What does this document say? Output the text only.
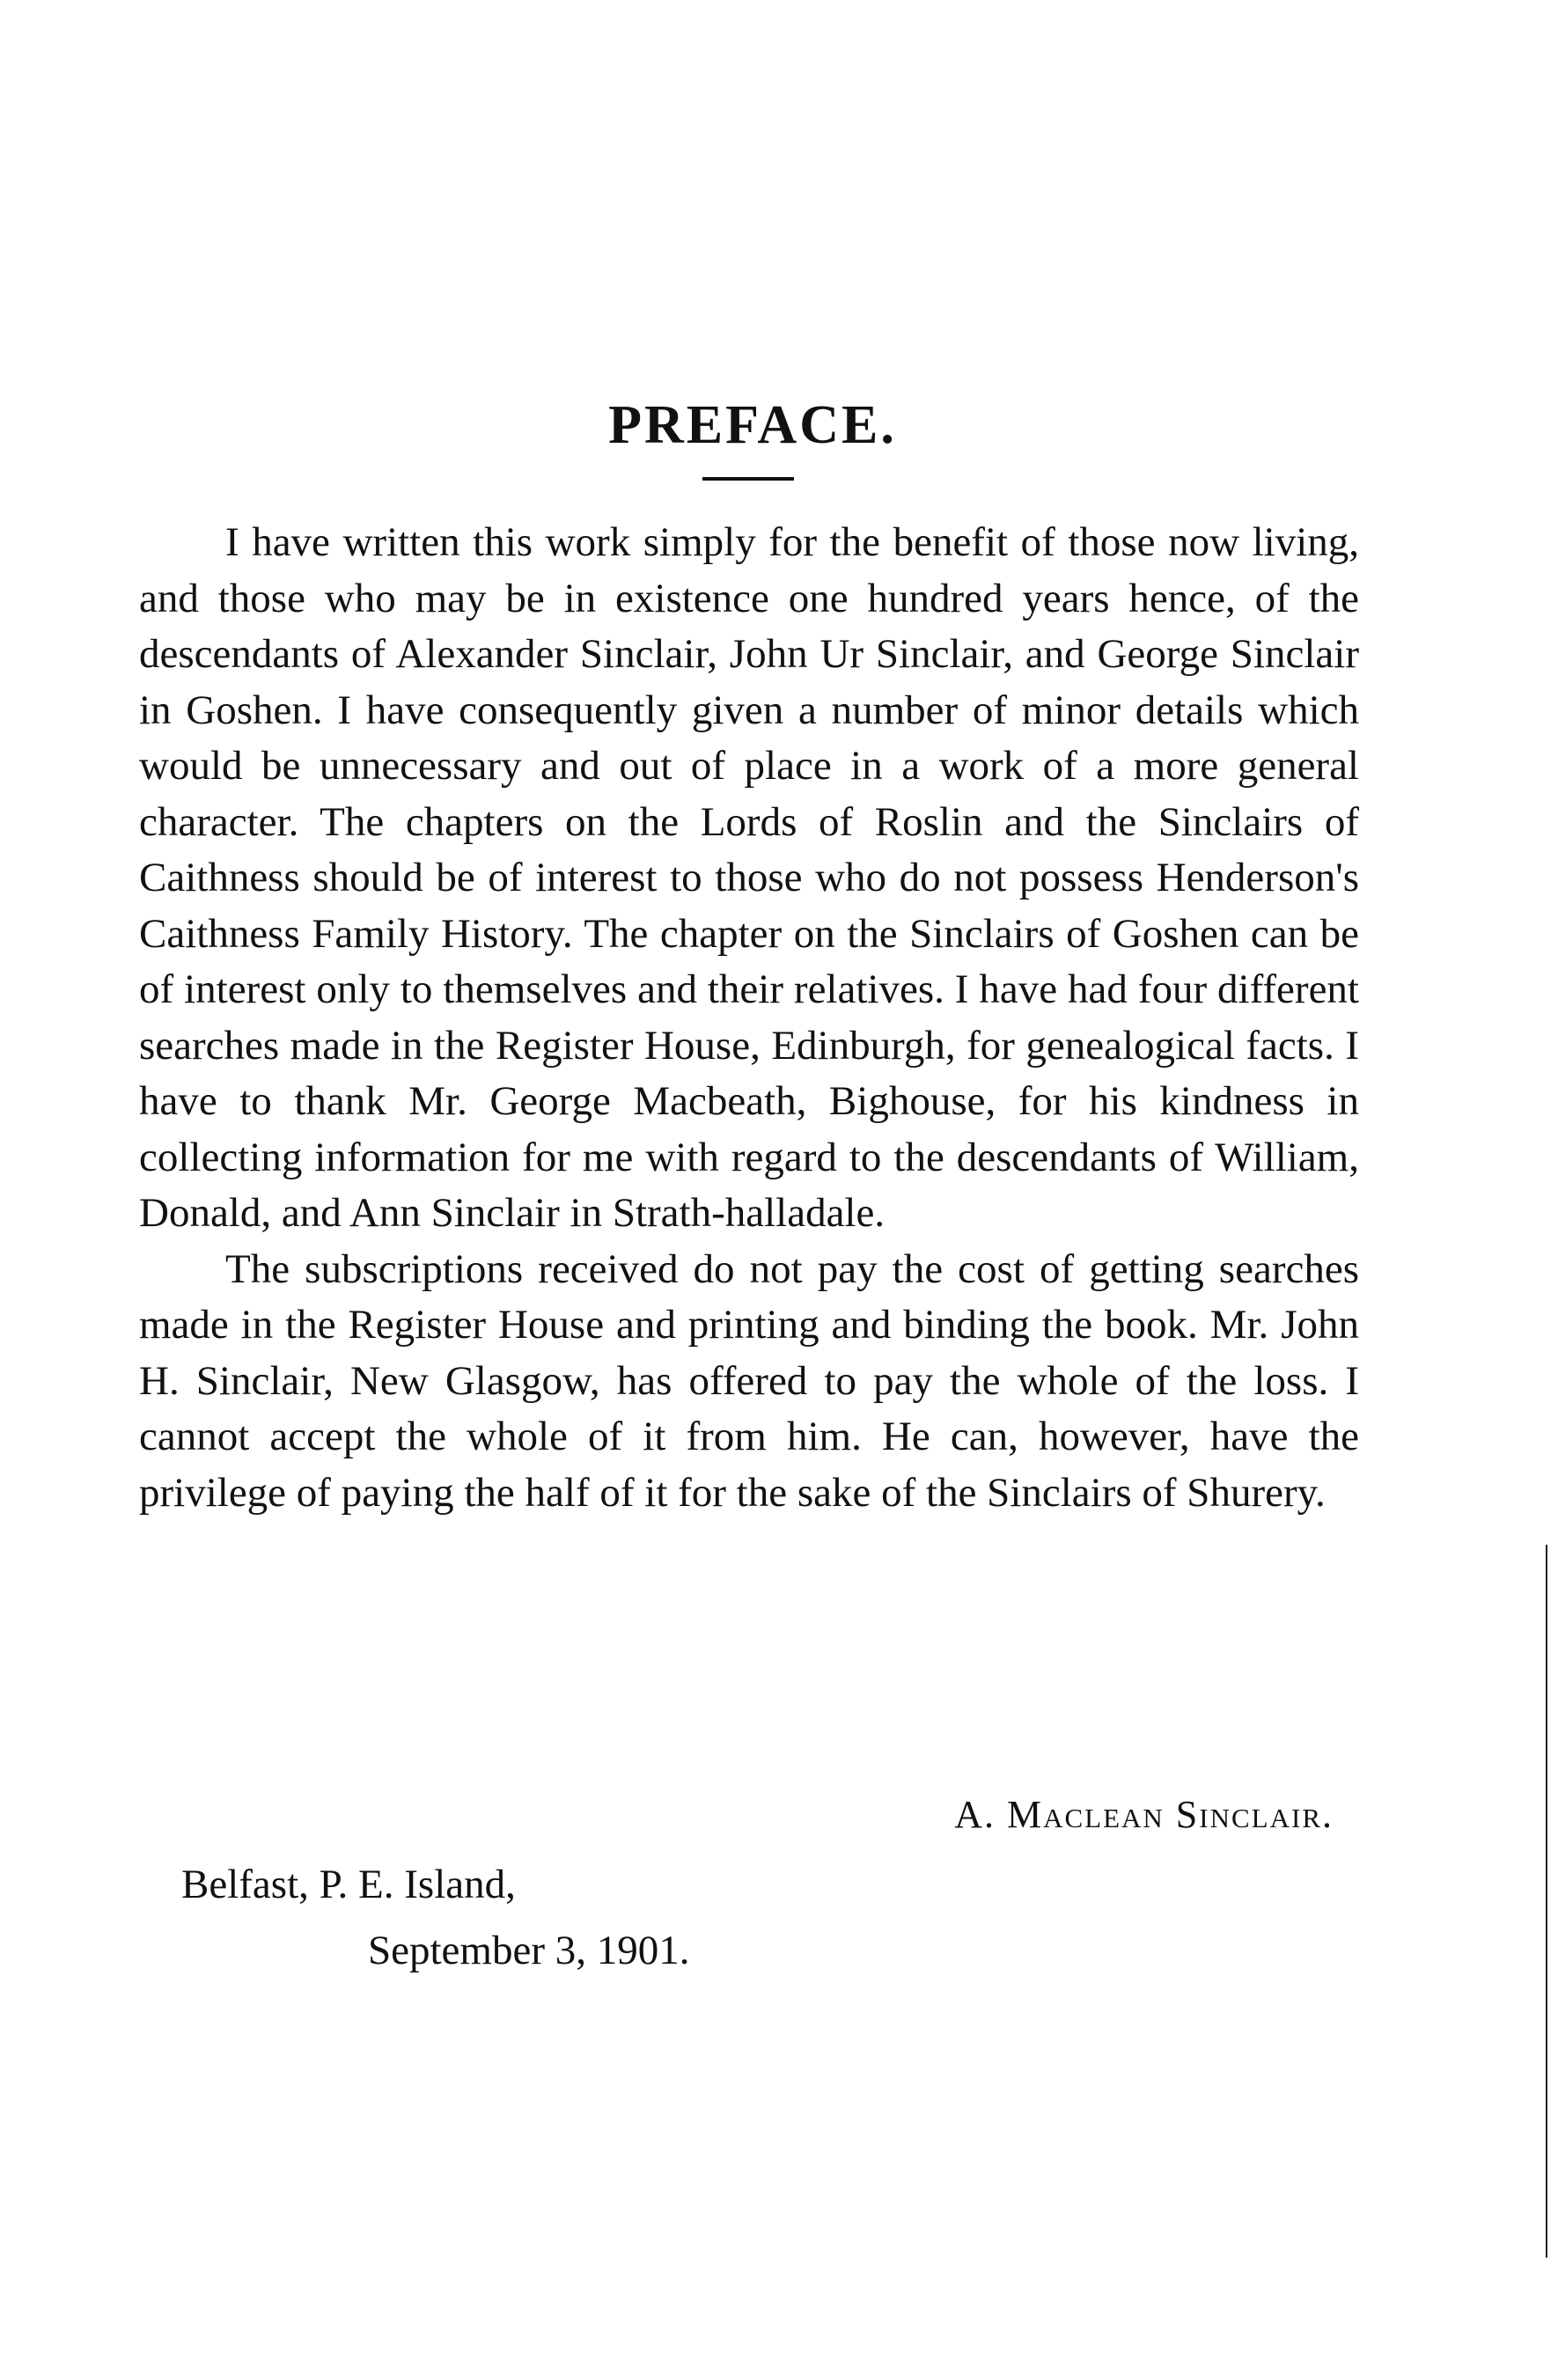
PREFACE.

I have written this work simply for the benefit of those now living, and those who may be in existence one hundred years hence, of the descendants of Alexander Sinclair, John Ur Sinclair, and George Sinclair in Goshen. I have consequently given a number of minor details which would be unnecessary and out of place in a work of a more general character. The chapters on the Lords of Roslin and the Sinclairs of Caithness should be of interest to those who do not possess Henderson's Caithness Family History. The chapter on the Sinclairs of Goshen can be of interest only to themselves and their relatives. I have had four different searches made in the Register House, Edinburgh, for genealogical facts. I have to thank Mr. George Macbeath, Bighouse, for his kindness in collecting information for me with regard to the descendants of William, Donald, and Ann Sinclair in Strath-halladale.

The subscriptions received do not pay the cost of getting searches made in the Register House and printing and binding the book. Mr. John H. Sinclair, New Glasgow, has offered to pay the whole of the loss. I cannot accept the whole of it from him. He can, however, have the privilege of paying the half of it for the sake of the Sinclairs of Shurery.

A. Maclean Sinclair.
Belfast, P. E. Island,
September 3, 1901.
